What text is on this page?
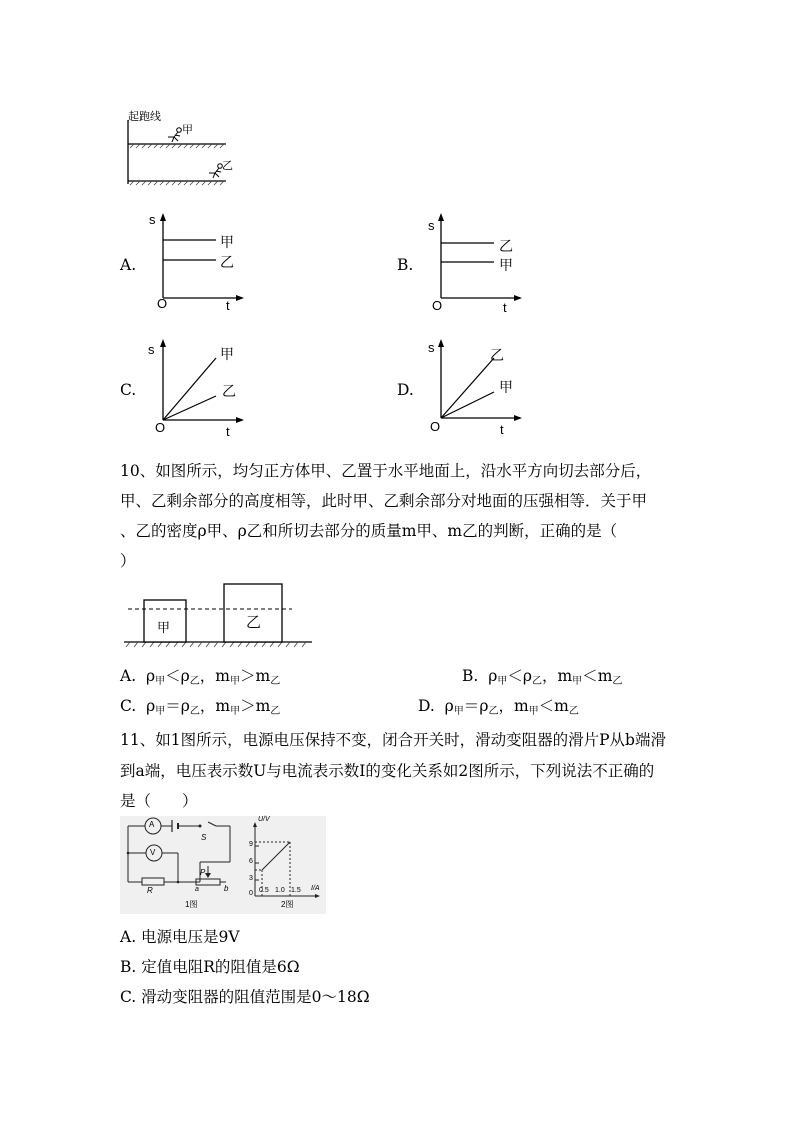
起跑线
甲
乙
A.
s
O	t
甲
乙	B.
s
O	t
乙
甲
C.
s
O	t
甲
乙	D.
s
O	t
乙
甲
10、如图所示，均匀正方体甲、乙置于水平地面上，沿水平方向切去部分后，
甲、乙剩余部分的高度相等，此时甲、乙剩余部分对地面的压强相等．关于甲
、乙的密度ρ甲、ρ乙和所切去部分的质量m甲、m乙的判断，正确的是（
）
甲	乙
A. $\rho_甲<\rho_乙$，$m_甲>m_乙$	B. $\rho_甲<\rho_乙$，$m_甲<m_乙$
C. $\rho_甲=\rho_乙$，$m_甲>m_乙$	D. $\rho_甲=\rho_乙$，$m_甲<m_乙$
11、如1图所示，电源电压保持不变，闭合开关时，滑动变阻器的滑片P从b端滑
到a端，电压表示数U与电流表示数I的变化关系如2图所示，下列说法不正确的
是（　　）
A
V
S
R
P
a	b
1图
U/V
I/A
9
6
3
0 0.5 1.0 1.5
2图
A. 电源电压是9V
B. 定值电阻R的阻值是6Ω
C. 滑动变阻器的阻值范围是0～18Ω
